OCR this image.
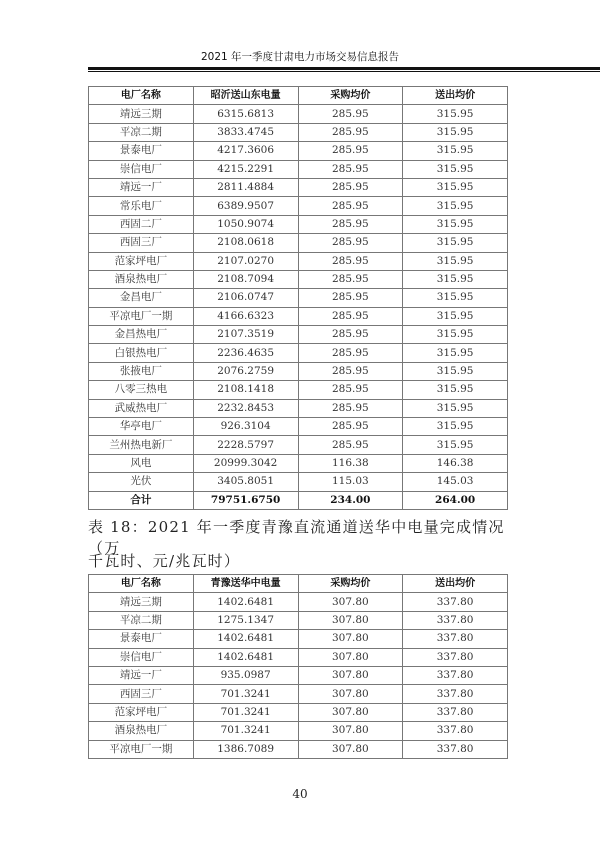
2021 年一季度甘肃电力市场交易信息报告
电厂名称	昭沂送山东电量	采购均价	送出均价
靖远三期	6315.6813	285.95	315.95
平凉二期	3833.4745	285.95	315.95
景泰电厂	4217.3606	285.95	315.95
崇信电厂	4215.2291	285.95	315.95
靖远一厂	2811.4884	285.95	315.95
常乐电厂	6389.9507	285.95	315.95
西固二厂	1050.9074	285.95	315.95
西固三厂	2108.0618	285.95	315.95
范家坪电厂	2107.0270	285.95	315.95
酒泉热电厂	2108.7094	285.95	315.95
金昌电厂	2106.0747	285.95	315.95
平凉电厂一期	4166.6323	285.95	315.95
金昌热电厂	2107.3519	285.95	315.95
白银热电厂	2236.4635	285.95	315.95
张掖电厂	2076.2759	285.95	315.95
八零三热电	2108.1418	285.95	315.95
武威热电厂	2232.8453	285.95	315.95
华亭电厂	926.3104	285.95	315.95
兰州热电新厂	2228.5797	285.95	315.95
风电	20999.3042	116.38	146.38
光伏	3405.8051	115.03	145.03
合计	79751.6750	234.00	264.00
表 18：2021 年一季度青豫直流通道送华中电量完成情况（万
千瓦时、元/兆瓦时）
电厂名称	青豫送华中电量	采购均价	送出均价
靖远三期	1402.6481	307.80	337.80
平凉二期	1275.1347	307.80	337.80
景泰电厂	1402.6481	307.80	337.80
崇信电厂	1402.6481	307.80	337.80
靖远一厂	935.0987	307.80	337.80
西固三厂	701.3241	307.80	337.80
范家坪电厂	701.3241	307.80	337.80
酒泉热电厂	701.3241	307.80	337.80
平凉电厂一期	1386.7089	307.80	337.80
40
